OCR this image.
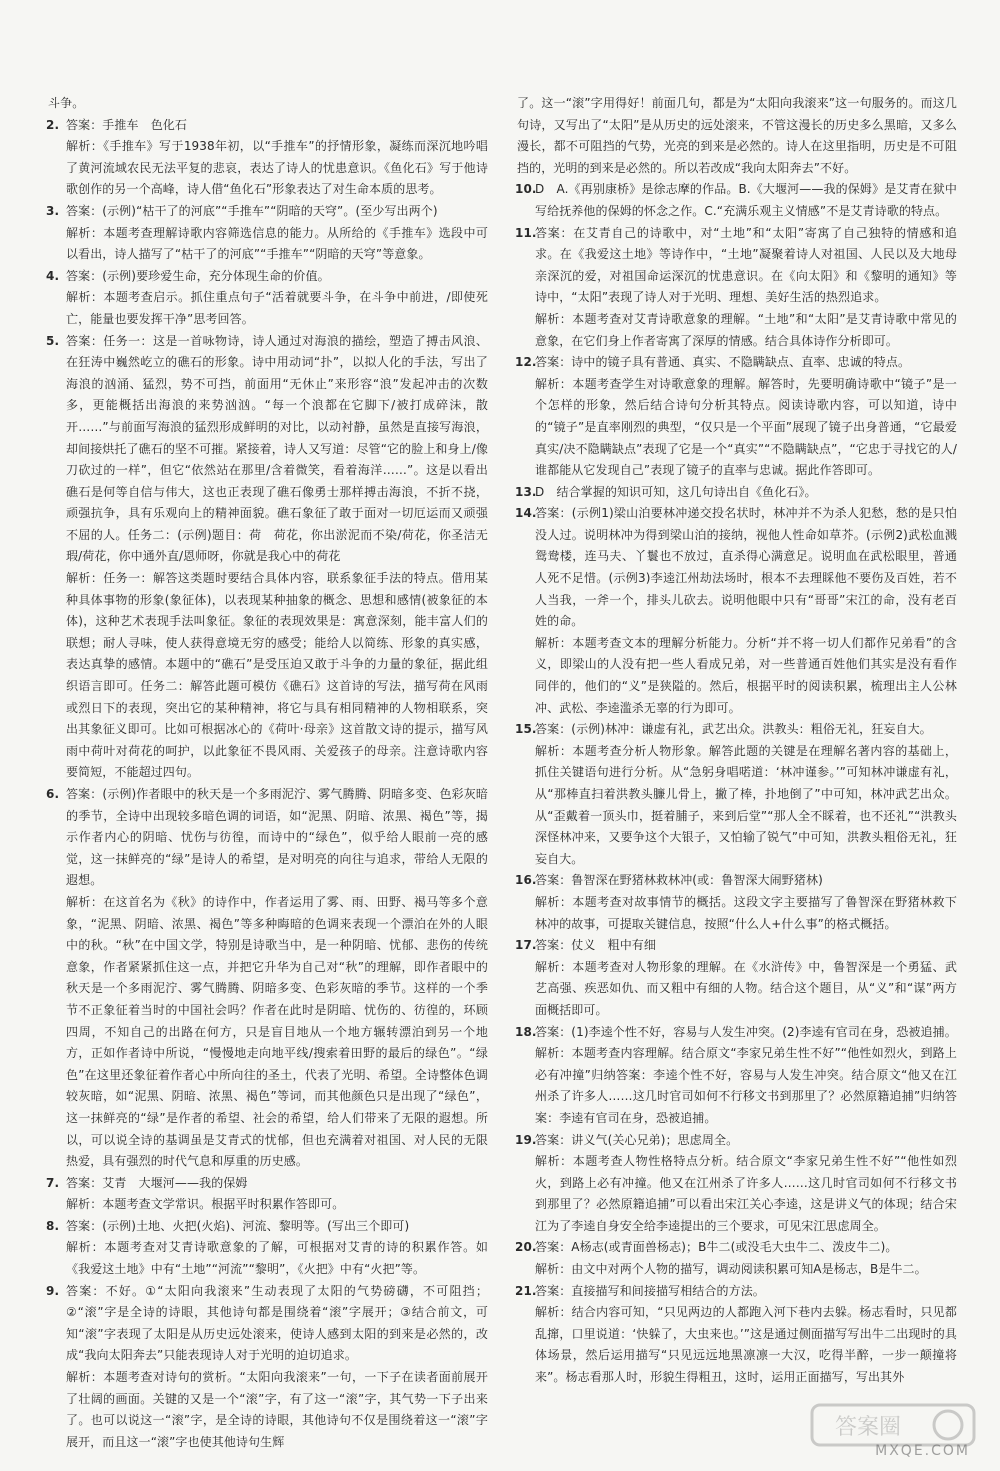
斗争。

2. 答案：手推车　色化石

解析：《手推车》写于1938年初，以“手推车”的抒情形象，凝练而深沉地吟唱了黄河流域农民无法平复的悲哀，表达了诗人的忧患意识。《鱼化石》写于他诗歌创作的另一个高峰，诗人借“鱼化石”形象表达了对生命本质的思考。

3. 答案：(示例)“枯干了的河底”“手推车”“阴暗的天穹”。(至少写出两个)

解析：本题考查理解诗歌内容筛选信息的能力。从所给的《手推车》选段中可以看出，诗人描写了“枯干了的河底”“手推车”“阴暗的天穹”等意象。

4. 答案：(示例)要珍爱生命，充分体现生命的价值。

解析：本题考查启示。抓住重点句子“活着就要斗争，在斗争中前进，/即使死亡，能量也要发挥干净”思考回答。

5. 答案：任务一：这是一首咏物诗，诗人通过对海浪的描绘，塑造了搏击风浪、在狂涛中巍然屹立的礁石的形象。诗中用动词“扑”，以拟人化的手法，写出了海浪的汹涌、猛烈，势不可挡，前面用“无休止”来形容“浪”发起冲击的次数多，更能概括出海浪的来势汹汹。“每一个浪都在它脚下/被打成碎沫，散开……”与前面写海浪的猛烈形成鲜明的对比，以动衬静，虽然是直接写海浪，却间接烘托了礁石的坚不可摧。紧接着，诗人又写道：尽管“它的脸上和身上/像刀砍过的一样”，但它“依然站在那里/含着微笑，看着海洋……”。这是以看出礁石是何等自信与伟大，这也正表现了礁石像勇士那样搏击海浪，不折不挠，顽强抗争，具有乐观向上的精神面貌。礁石象征了敢于面对一切厄运而又顽强不屈的人。任务二：(示例)题目：荷　荷花，你出淤泥而不染/荷花，你圣洁无瑕/荷花，你中通外直/恩师呀，你就是我心中的荷花

解析：任务一：解答这类题时要结合具体内容，联系象征手法的特点。借用某种具体事物的形象(象征体)，以表现某种抽象的概念、思想和感情(被象征的本体)，这种艺术表现手法叫象征。象征的表现效果是：寓意深刻，能丰富人们的联想；耐人寻味，使人获得意境无穷的感受；能给人以简练、形象的真实感，表达真挚的感情。本题中的“礁石”是受压迫又敢于斗争的力量的象征，据此组织语言即可。任务二：解答此题可模仿《礁石》这首诗的写法，描写荷在风雨或烈日下的表现，突出它的某种精神，将它与具有相同精神的人物相联系，突出其象征义即可。比如可根据冰心的《荷叶·母亲》这首散文诗的提示，描写风雨中荷叶对荷花的呵护，以此象征不畏风雨、关爱孩子的母亲。注意诗歌内容要简短，不能超过四句。

6. 答案：(示例)作者眼中的秋天是一个多雨泥泞、雾气腾腾、阴暗多变、色彩灰暗的季节，全诗中出现较多暗色调的词语，如“泥黑、阴暗、浓黑、褐色”等，揭示作者内心的阴暗、忧伤与彷徨，而诗中的“绿色”，似乎给人眼前一亮的感觉，这一抹鲜亮的“绿”是诗人的希望，是对明亮的向往与追求，带给人无限的遐想。

解析：在这首名为《秋》的诗作中，作者运用了雾、雨、田野、褐马等多个意象，“泥黑、阴暗、浓黑、褐色”等多种晦暗的色调来表现一个漂泊在外的人眼中的秋。“秋”在中国文学，特别是诗歌当中，是一种阴暗、忧郁、悲伤的传统意象，作者紧紧抓住这一点，并把它升华为自己对“秋”的理解，即作者眼中的秋天是一个多雨泥泞、雾气腾腾、阴暗多变、色彩灰暗的季节。这样的一个季节不正象征着当时的中国社会吗？作者在此时是阴暗、忧伤的、彷徨的，环顾四周，不知自己的出路在何方，只是盲目地从一个地方辗转漂泊到另一个地方，正如作者诗中所说，“慢慢地走向地平线/搜索着田野的最后的绿色”。“绿色”在这里还象征着作者心中所向往的圣土，代表了光明、希望。全诗整体色调较灰暗，如“泥黑、阴暗、浓黑、褐色”等词，而其他颜色只是出现了“绿色”，这一抹鲜亮的“绿”是作者的希望、社会的希望，给人们带来了无限的遐想。所以，可以说全诗的基调虽是艾青式的忧郁，但也充满着对祖国、对人民的无限热爱，具有强烈的时代气息和厚重的历史感。

7. 答案：艾青　大堰河——我的保姆

解析：本题考查文学常识。根据平时积累作答即可。

8. 答案：(示例)土地、火把(火焰)、河流、黎明等。(写出三个即可)

解析：本题考查对艾青诗歌意象的了解，可根据对艾青的诗的积累作答。如《我爱这土地》中有“土地”“河流”“黎明”，《火把》中有“火把”等。

9. 答案：不好。①“太阳向我滚来”生动表现了太阳的气势磅礴，不可阻挡；②“滚”字是全诗的诗眼，其他诗句都是围绕着“滚”字展开；③结合前文，可知“滚”字表现了太阳是从历史远处滚来，使诗人感到太阳的到来是必然的，改成“我向太阳奔去”只能表现诗人对于光明的迫切追求。

解析：本题考查对诗句的赏析。“太阳向我滚来”一句，一下子在读者面前展开了壮阔的画面。关键的又是一个“滚”字，有了这一“滚”字，其气势一下子出来了。也可以说这一“滚”字，是全诗的诗眼，其他诗句不仅是围绕着这一“滚”字展开，而且这一“滚”字也使其他诗句生辉

了。这一“滚”字用得好！前面几句，都是为“太阳向我滚来”这一句服务的。而这几句诗，又写出了“太阳”是从历史的远处滚来，不管这漫长的历史多么黑暗，又多么漫长，都不可阻挡的气势，光亮的到来是必然的。诗人在这里指明，历史是不可阻挡的，光明的到来是必然的。所以若改成“我向太阳奔去”不好。

10.

D　A.《再别康桥》是徐志摩的作品。B.《大堰河——我的保姆》是艾青在狱中写给抚养他的保姆的怀念之作。C.“充满乐观主义情感”不是艾青诗歌的特点。

11.

答案：在艾青自己的诗歌中，对“土地”和“太阳”寄寓了自己独特的情感和追求。在《我爱这土地》等诗作中，“土地”凝聚着诗人对祖国、人民以及大地母亲深沉的爱，对祖国命运深沉的忧患意识。在《向太阳》和《黎明的通知》等诗中，“太阳”表现了诗人对于光明、理想、美好生活的热烈追求。

解析：本题考查对艾青诗歌意象的理解。“土地”和“太阳”是艾青诗歌中常见的意象，在它们身上作者寄寓了深厚的情感。结合具体诗作分析即可。

12.

答案：诗中的镜子具有普通、真实、不隐瞒缺点、直率、忠诚的特点。

解析：本题考查学生对诗歌意象的理解。解答时，先要明确诗歌中“镜子”是一个怎样的形象，然后结合诗句分析其特点。阅读诗歌内容，可以知道，诗中的“镜子”是直率刚烈的典型，“仅只是一个平面”展现了镜子出身普通，“它最爱真实/决不隐瞒缺点”表现了它是一个“真实”“不隐瞒缺点”，“它忠于寻找它的人/谁都能从它发现自己”表现了镜子的直率与忠诚。据此作答即可。

13.

D　结合掌握的知识可知，这几句诗出自《鱼化石》。

14.

答案：(示例1)梁山泊要林冲递交投名状时，林冲并不为杀人犯愁，愁的是只怕没人过。说明林冲为得到梁山泊的接纳，视他人性命如草芥。(示例2)武松血溅鸳鸯楼，连马夫、丫鬟也不放过，直杀得心满意足。说明血在武松眼里，普通人死不足惜。(示例3)李逵江州劫法场时，根本不去理睬他不要伤及百姓，若不人当我，一斧一个，排头儿砍去。说明他眼中只有“哥哥”宋江的命，没有老百姓的命。

解析：本题考查文本的理解分析能力。分析“并不将一切人们都作兄弟看”的含义，即梁山的人没有把一些人看成兄弟，对一些普通百姓他们其实是没有看作同伴的，他们的“义”是狭隘的。然后，根据平时的阅读积累，梳理出主人公林冲、武松、李逵滥杀无辜的行为即可。

15.

答案：(示例)林冲：谦虚有礼，武艺出众。洪教头：粗俗无礼，狂妄自大。

解析：本题考查分析人物形象。解答此题的关键是在理解名著内容的基础上，抓住关键语句进行分析。从“急躬身唱喏道：‘林冲谨参。’”可知林冲谦虚有礼，从“那棒直扫着洪教头臁儿骨上，撇了棒，扑地倒了”中可知，林冲武艺出众。从“歪戴着一顶头巾，挺着脯子，来到后堂”“那人全不睬着，也不还礼”“洪教头深怪林冲来，又要争这个大银子，又怕输了锐气”中可知，洪教头粗俗无礼，狂妄自大。

16.

答案：鲁智深在野猪林救林冲(或：鲁智深大闹野猪林)

解析：本题考查对故事情节的概括。这段文字主要描写了鲁智深在野猪林救下林冲的故事，可提取关键信息，按照“什么人+什么事”的格式概括。

17.

答案：仗义　粗中有细

解析：本题考查对人物形象的理解。在《水浒传》中，鲁智深是一个勇猛、武艺高强、疾恶如仇、而又粗中有细的人物。结合这个题目，从“义”和“谋”两方面概括即可。

18.

答案：(1)李逵个性不好，容易与人发生冲突。(2)李逵有官司在身，恐被追捕。

解析：本题考查内容理解。结合原文“李家兄弟生性不好”“他性如烈火，到路上必有冲撞”归纳答案：李逵个性不好，容易与人发生冲突。结合原文“他又在江州杀了许多人……这几时官司如何不行移文书到那里了？必然原籍追捕”归纳答案：李逵有官司在身，恐被追捕。

19.

答案：讲义气(关心兄弟)；思虑周全。

解析：本题考查人物性格特点分析。结合原文“李家兄弟生性不好”“他性如烈火，到路上必有冲撞。他又在江州杀了许多人……这几时官司如何不行移文书到那里了？必然原籍追捕”可以看出宋江关心李逵，这是讲义气的体现；结合宋江为了李逵自身安全给李逵提出的三个要求，可见宋江思虑周全。

20.

答案：A杨志(或青面兽杨志)；B牛二(或没毛大虫牛二、泼皮牛二)。

解析：由文中对两个人物的描写，调动阅读积累可知A是杨志，B是牛二。

21.

答案：直接描写和间接描写相结合的方法。

解析：结合内容可知，“只见两边的人都跑入河下巷内去躲。杨志看时，只见都乱撺，口里说道：‘快躲了，大虫来也。’”这是通过侧面描写写出牛二出现时的具体场景，然后运用描写“只见远远地黑凛凛一大汉，吃得半醉，一步一颠撞将来”。杨志看那人时，形貌生得粗丑，这时，运用正面描写，写出其外

答案圈
MXQE.COM
